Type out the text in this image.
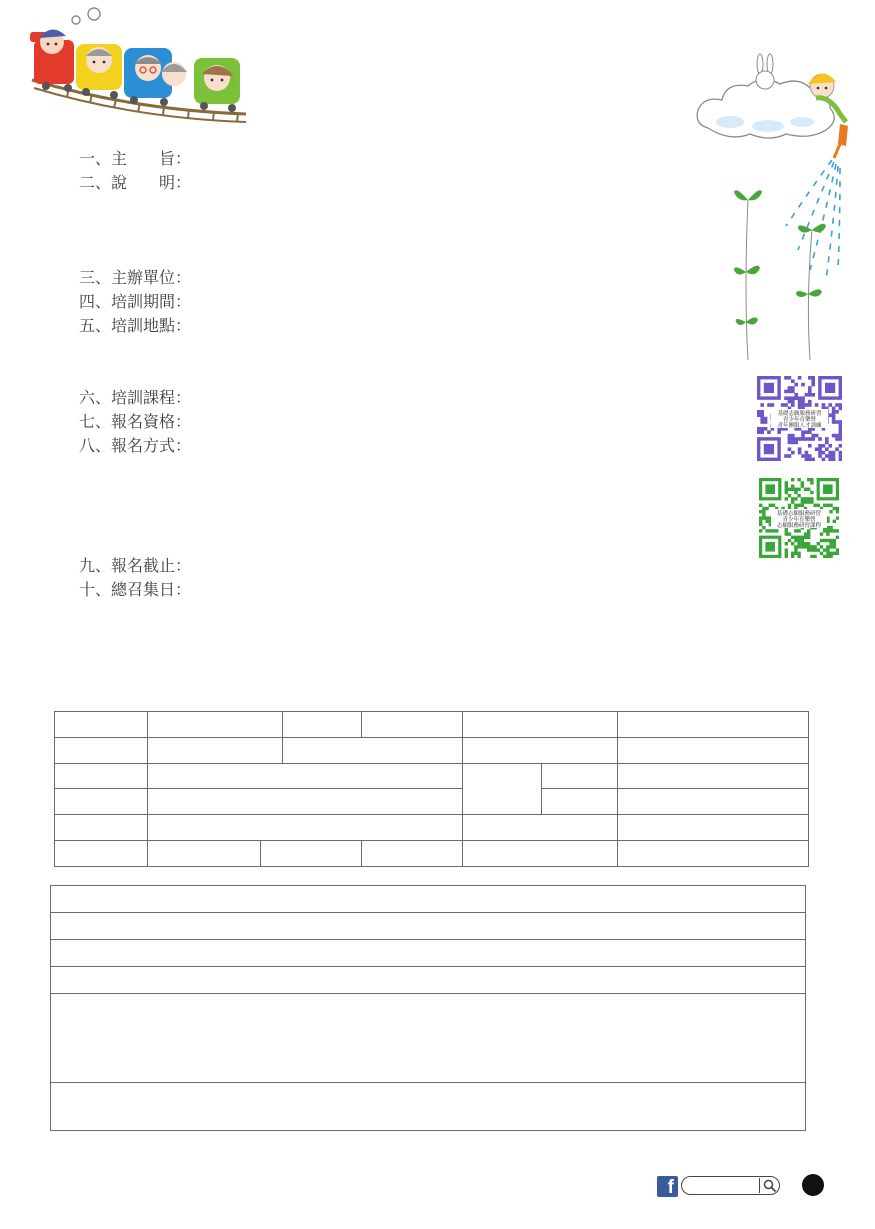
一、主　　旨：
二、說　　明：
三、主辦單位：
四、培訓期間：
五、培訓地點：
六、培訓課程：
七、報名資格：
八、報名方式：
九、報名截止：
十、總召集日：
基礎志願服務研習
青少年育樂營
青年團服人才訓練
基礎志願服務研習
青少年育樂營
志願服務研習課程

f
